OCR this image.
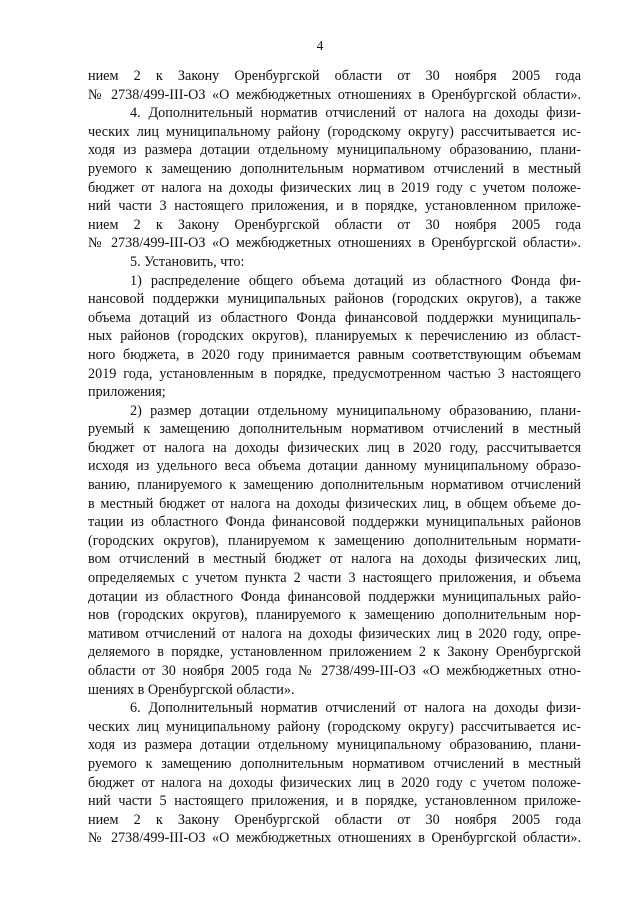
4
нием 2 к Закону Оренбургской области от 30 ноября 2005 года
№ 2738/499-III-ОЗ «О межбюджетных отношениях в Оренбургской области».
4. Дополнительный норматив отчислений от налога на доходы физи-
ческих лиц муниципальному району (городскому округу) рассчитывается ис-
ходя из размера дотации отдельному муниципальному образованию, плани-
руемого к замещению дополнительным нормативом отчислений в местный
бюджет от налога на доходы физических лиц в 2019 году с учетом положе-
ний части 3 настоящего приложения, и в порядке, установленном приложе-
нием 2 к Закону Оренбургской области от 30 ноября 2005 года
№ 2738/499-III-ОЗ «О межбюджетных отношениях в Оренбургской области».
5. Установить, что:
1) распределение общего объема дотаций из областного Фонда фи-
нансовой поддержки муниципальных районов (городских округов), а также
объема дотаций из областного Фонда финансовой поддержки муниципаль-
ных районов (городских округов), планируемых к перечислению из област-
ного бюджета, в 2020 году принимается равным соответствующим объемам
2019 года, установленным в порядке, предусмотренном частью 3 настоящего
приложения;
2) размер дотации отдельному муниципальному образованию, плани-
руемый к замещению дополнительным нормативом отчислений в местный
бюджет от налога на доходы физических лиц в 2020 году, рассчитывается
исходя из удельного веса объема дотации данному муниципальному образо-
ванию, планируемого к замещению дополнительным нормативом отчислений
в местный бюджет от налога на доходы физических лиц, в общем объеме до-
тации из областного Фонда финансовой поддержки муниципальных районов
(городских округов), планируемом к замещению дополнительным нормати-
вом отчислений в местный бюджет от налога на доходы физических лиц,
определяемых с учетом пункта 2 части 3 настоящего приложения, и объема
дотации из областного Фонда финансовой поддержки муниципальных райо-
нов (городских округов), планируемого к замещению дополнительным нор-
мативом отчислений от налога на доходы физических лиц в 2020 году, опре-
деляемого в порядке, установленном приложением 2 к Закону Оренбургской
области от 30 ноября 2005 года № 2738/499-III-ОЗ «О межбюджетных отно-
шениях в Оренбургской области».
6. Дополнительный норматив отчислений от налога на доходы физи-
ческих лиц муниципальному району (городскому округу) рассчитывается ис-
ходя из размера дотации отдельному муниципальному образованию, плани-
руемого к замещению дополнительным нормативом отчислений в местный
бюджет от налога на доходы физических лиц в 2020 году с учетом положе-
ний части 5 настоящего приложения, и в порядке, установленном приложе-
нием 2 к Закону Оренбургской области от 30 ноября 2005 года
№ 2738/499-III-ОЗ «О межбюджетных отношениях в Оренбургской области».
